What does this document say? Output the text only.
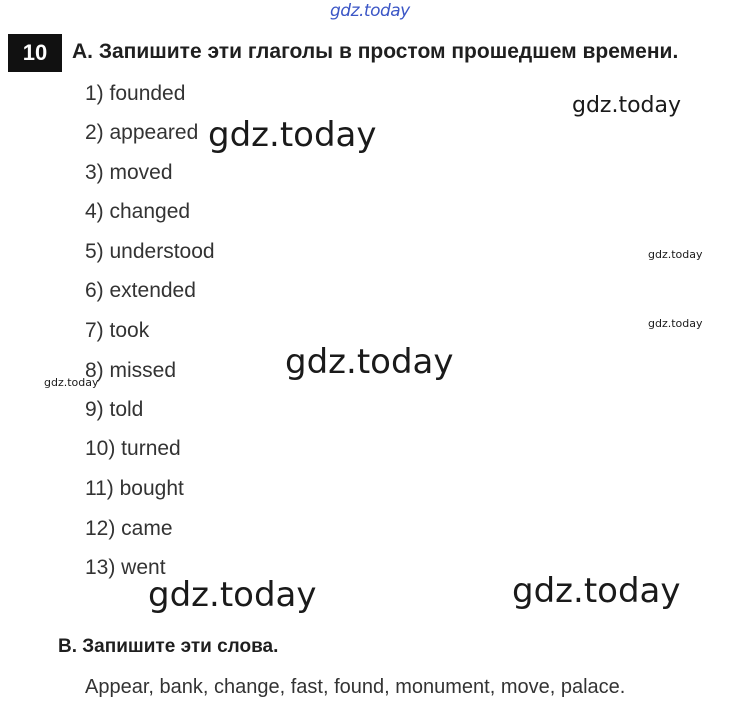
gdz.today
10	A. Запишите эти глаголы в простом прошедшем времени.
1) founded
2) appeared
3) moved
4) changed
5) understood
6) extended
7) took
8) missed
9) told
10) turned
11) bought
12) came
13) went
B. Запишите эти слова.
Appear, bank, change, fast, found, monument, move, palace.
gdz.today
gdz.today
gdz.today
gdz.today
gdz.today
gdz.today
gdz.today	gdz.today
